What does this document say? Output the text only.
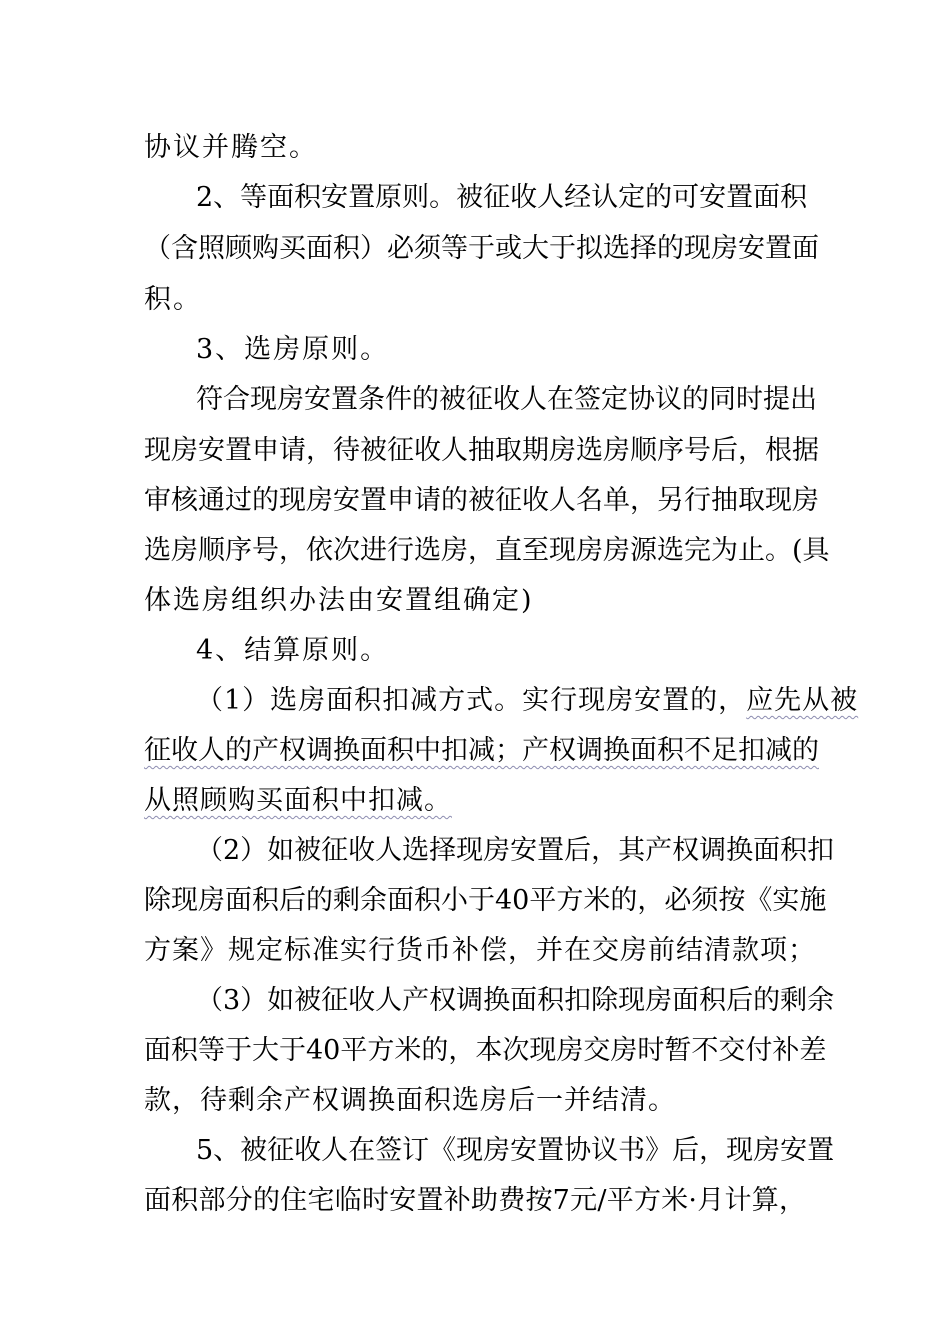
协议并腾空。
2、等面积安置原则。被征收人经认定的可安置面积
（含照顾购买面积）必须等于或大于拟选择的现房安置面
积。
3、选房原则。
符合现房安置条件的被征收人在签定协议的同时提出
现房安置申请，待被征收人抽取期房选房顺序号后，根据
审核通过的现房安置申请的被征收人名单，另行抽取现房
选房顺序号，依次进行选房，直至现房房源选完为止。(具
体选房组织办法由安置组确定)
4、结算原则。
（1）选房面积扣减方式。实行现房安置的，应先从被
征收人的产权调换面积中扣减；产权调换面积不足扣减的
从照顾购买面积中扣减。
（2）如被征收人选择现房安置后，其产权调换面积扣
除现房面积后的剩余面积小于40平方米的，必须按《实施
方案》规定标准实行货币补偿，并在交房前结清款项；
（3）如被征收人产权调换面积扣除现房面积后的剩余
面积等于大于40平方米的，本次现房交房时暂不交付补差
款，待剩余产权调换面积选房后一并结清。
5、被征收人在签订《现房安置协议书》后，现房安置
面积部分的住宅临时安置补助费按7元/平方米·月计算，
